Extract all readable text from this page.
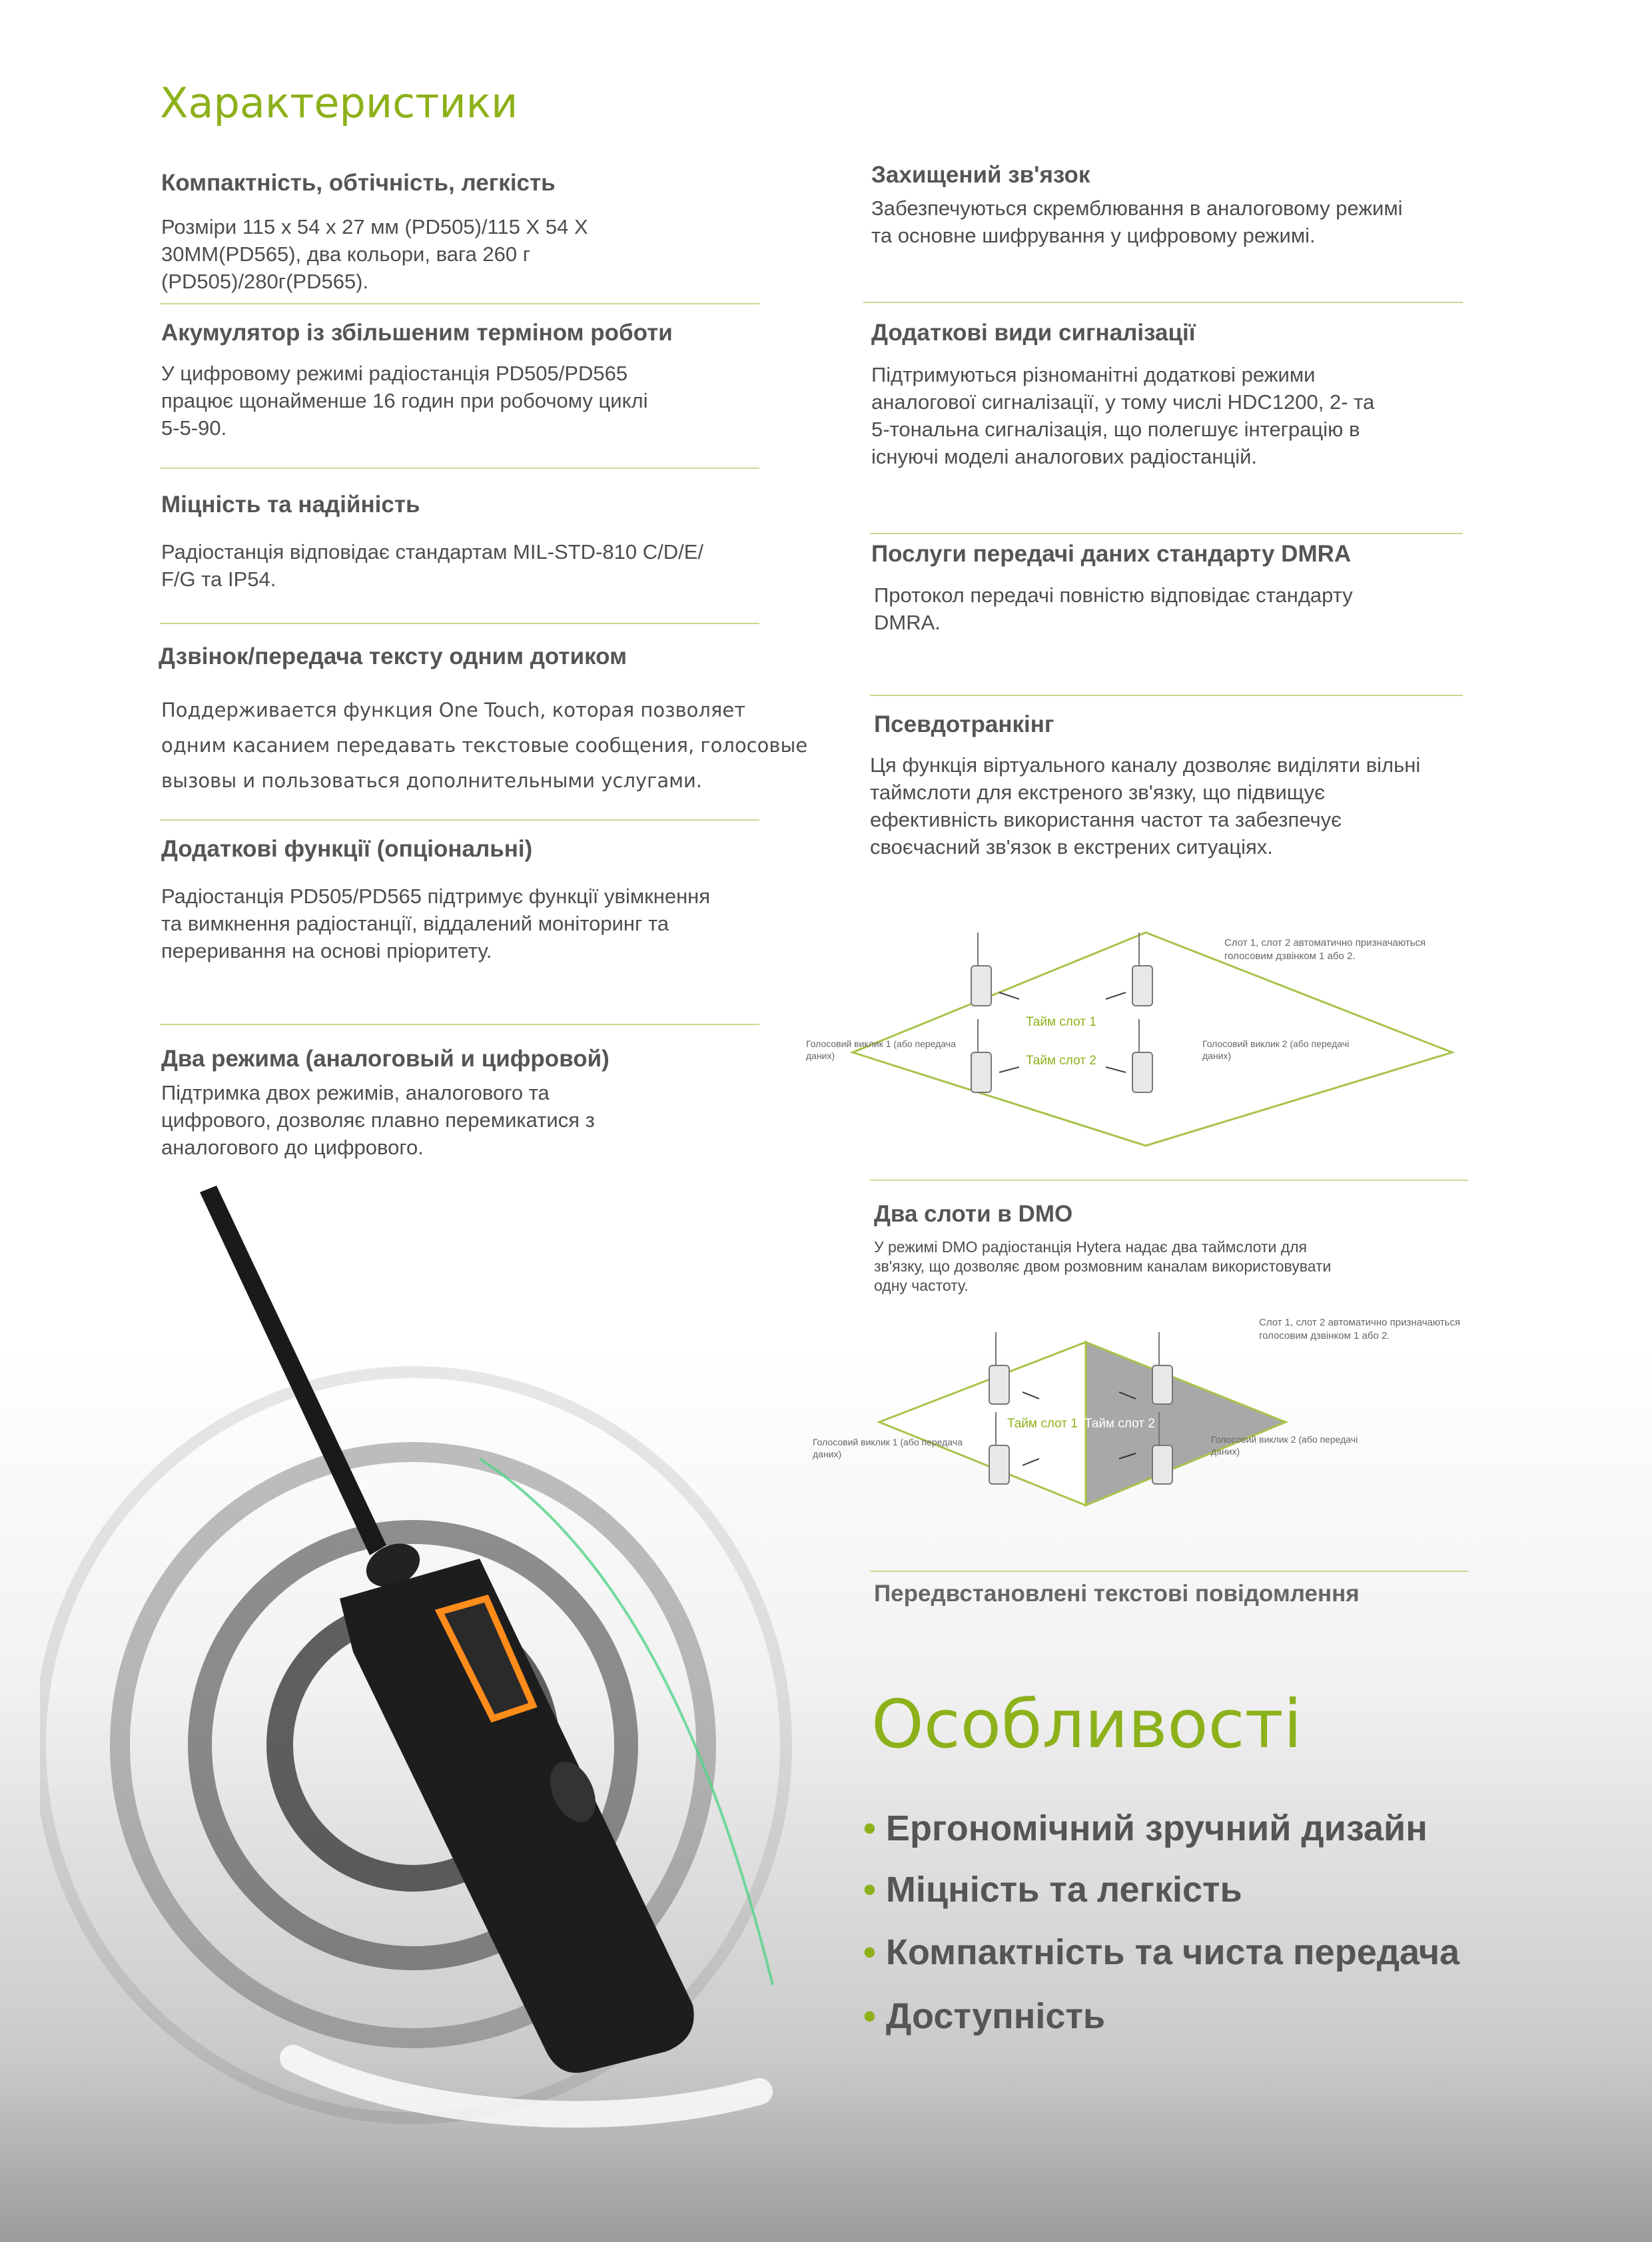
Характеристики
Компактність, обтічність, легкість
Розміри 115 х 54 х 27 мм (PD505)/115 X 54 X
30MM(PD565), два кольори, вага 260 г
(PD505)/280г(PD565).
Акумулятор із збільшеним терміном роботи
У цифровому режимі радіостанція PD505/PD565
працює щонайменше 16 годин при робочому циклі
5-5-90.
Міцність та надійність
Радіостанція відповідає стандартам MIL-STD-810 C/D/E/
F/G та IP54.
Дзвінок/передача тексту одним дотиком
Поддерживается функция One Touch, которая позволяет
одним касанием передавать текстовые сообщения, голосовые
вызовы и пользоваться дополнительными услугами.
Додаткові функції (опціональні)
Радіостанція PD505/PD565 підтримує функції увімкнення
та вимкнення радіостанції, віддалений моніторинг та
переривання на основі пріоритету.
Два режима (аналоговый и цифровой)
Підтримка двох режимів, аналогового та
цифрового, дозволяє плавно перемикатися з
аналогового до цифрового.
Захищений зв'язок
Забезпечуються скремблювання в аналоговому режимі
та основне шифрування у цифровому режимі.
Додаткові види сигналізації
Підтримуються різноманітні додаткові режими
аналогової сигналізації, у тому числі HDC1200, 2- та
5-тональна сигналізація, що полегшує інтеграцію в
існуючі моделі аналогових радіостанцій.
Послуги передачі даних стандарту DMRA
Протокол передачі повністю відповідає стандарту
DMRA.
Псевдотранкінг
Ця функція віртуального каналу дозволяє виділяти вільні
таймслоти для екстреного зв'язку, що підвищує
ефективність використання частот та забезпечує
своєчасний зв'язок в екстрених ситуаціях.
Тайм слот 1
Тайм слот 2
Слот 1, слот 2 автоматично призначаються
голосовим дзвінком 1 або 2.
Голосовий виклик 1 (або передача
даних)
Голосовий виклик 2 (або передачі
даних)
Два слоти в DMO
У режимі DMO радіостанція Hytera надає два таймслоти для
зв'язку, що дозволяє двом розмовним каналам використовувати
одну частоту.
Тайм слот 1 Тайм слот 2
Слот 1, слот 2 автоматично призначаються
голосовим дзвінком 1 або 2.
Голосовий виклик 1 (або передача
даних)
Голосовий виклик 2 (або передачі
даних)
Передвстановлені текстові повідомлення
Особливості
• Ергономічний зручний дизайн
• Міцність та легкість
• Компактність та чиста передача
• Доступність
